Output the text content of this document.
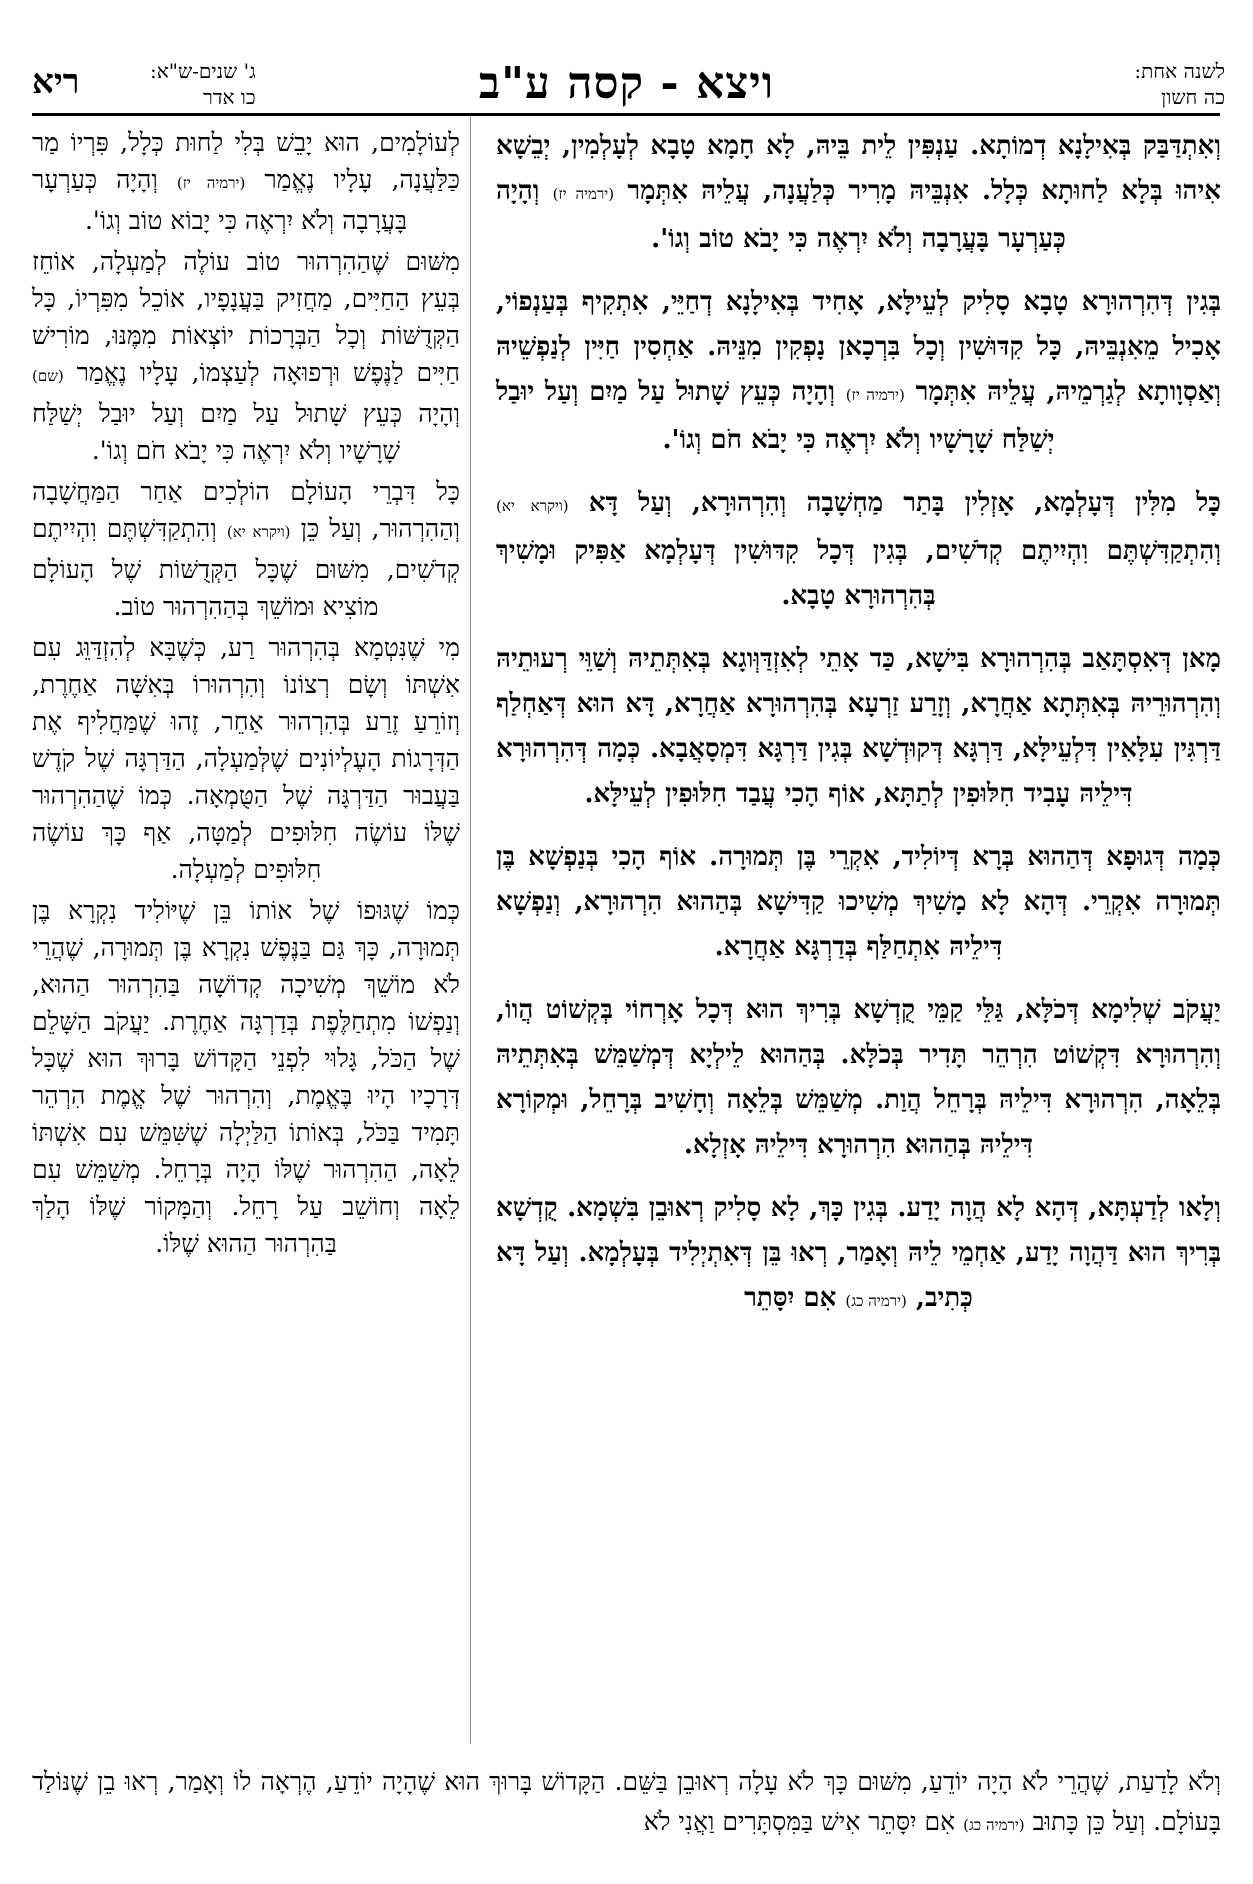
לשנה אחת:
כה חשון
ויצא - קסה ע"ב
ג' שנים-ש"א:
כו אדר
ריא

וְאִתְדַּבַּק בְּאִילָנָא דְמוֹתָא. עַנְפִּין לֵית בֵּיהּ, לָא חָמָא טָבָא לְעָלְמִין, יְבֵשָׁא אִיהוּ בְּלָא לַחוּתָא כְּלָל. אִנְבֵּיהּ מָרִיר כְּלַעֲנָה, עֲלֵיהּ אִתְּמָר (ירמיה יז) וְהָיָה כְּעַרְעָר בָּעֲרָבָה וְלֹא יִרְאֶה כִּי יָבֹא טוֹב וְגוֹ'.

בְּגִין דְּהִרְהוּרָא טָבָא סָלִיק לְעֵילָּא, אָחִיד בְּאִילָנָא דְחַיֵּי, אִתְקִיף בְּעַנְפוֹי, אָכִיל מֵאִנְבֵּיהּ, כָּל קִדּוּשִׁין וְכָל בִּרְכָאן נָפְקִין מִנֵּיהּ. אַחְסִין חַיִּין לְנַפְשֵׁיהּ וְאַסְוָותָא לְגַרְמֵיהּ, עֲלֵיהּ אִתְּמָר (ירמיה יז) וְהָיָה כְּעֵץ שָׁתוּל עַל מַיִם וְעַל יוּבַל יְשַׁלַּח שָׁרָשָׁיו וְלֹא יִרְאֶה כִּי יָבֹא חֹם וְגוֹ'.

כָּל מִלִּין דְּעָלְמָא, אָזְלִין בָּתַר מַחְשָׁבָה וְהִרְהוּרָא, וְעַל דָּא (ויקרא יא) וְהִתְקַדִּשְׁתֶּם וִהְיִיתֶם קְדֹשִׁים, בְּגִין דְּכָל קִדּוּשִׁין דְּעָלְמָא אַפִּיק וּמָשִׁיךְ בְּהִרְהוּרָא טָבָא.

מָאן דְּאִסְתָּאַב בְּהִרְהוּרָא בִּישָׁא, כַּד אָתֵי לְאִזְדַּוְּוגָא בְּאִתְּתֵיהּ וְשַׁוֵּי רְעוּתֵיהּ וְהִרְהוּרֵיהּ בְּאִתְּתָא אַחֲרָא, וְזָרַע זַרְעָא בְּהִרְהוּרָא אַחֲרָא, דָּא הוּא דְּאַחְלַף דַּרְגִּין עִלָּאִין דִּלְעֵילָּא, דַּרְגָּא דְּקוּדְשָׁא בְּגִין דַּרְגָּא דִּמְסָאֲבָא. כְּמָה דְּהִרְהוּרָא דִּילֵיהּ עָבִיד חִלּוּפִין לְתַתָּא, אוֹף הָכִי עֲבַד חִלּוּפִין לְעֵילָּא.

כְּמָה דְּגוּפָא דְּהַהוּא בְּרָא דְּיוֹלִיד, אִקְרֵי בֶּן תְּמוּרָה. אוֹף הָכִי בְּנַפְשָׁא בֶּן תְּמוּרָה אִקְרֵי. דְּהָא לָא מָשִׁיךְ מְשִׁיכוּ קַדִּישָׁא בְּהַהוּא הִרְהוּרָא, וְנַפְשָׁא דִּילֵיהּ אִתְחַלַּף בְּדַרְגָּא אַחֲרָא.

יַעֲקֹב שְׁלִימָא דְּכֹלָּא, גַּלֵּי קַמֵּי קֻדְשָׁא בְּרִיךְ הוּא דְּכָל אָרְחוֹי בְּקְשׁוֹט הֲווֹ, וְהִרְהוּרָא דִּקְשׁוֹט הִרְהֵר תָּדִיר בְּכֹלָּא. בְּהַהוּא לֵילְיָא דְּמְשַׁמֵּשׁ בְּאִתְּתֵיהּ בְּלֵאָה, הִרְהוּרָא דִּילֵיהּ בְּרָחֵל הֲוַת. מְשַׁמֵּשׁ בְּלֵאָה וְחָשִׁיב בְּרָחֵל, וּמְקוֹרָא דִּילֵיהּ בְּהַהוּא הִרְהוּרָא דִּילֵיהּ אָזְלָא.

וְלָאו לְדַעְתָּא, דְּהָא לָא הֲוָה יָדַע. בְּגִין כָּךְ, לָא סָלִיק רְאוּבֵן בִּשְׁמָא. קֻדְשָׁא בְּרִיךְ הוּא דַּהֲוָה יָדַע, אַחְמֵי לֵיהּ וְאָמַר, רְאוּ בֵּן דְּאִתְיְלִיד בְּעָלְמָא. וְעַל דָּא כְּתִיב, (ירמיה כג) אִם יִסָּתֵר

לְעוֹלָמִים, הוּא יָבֵשׁ בְּלִי לַחוּת כְּלָל, פִּרְיוֹ מַר כַּלַּעֲנָה, עָלָיו נֶאֱמַר (ירמיה יז) וְהָיָה כְּעַרְעָר בָּעֲרָבָה וְלֹא יִרְאֶה כִּי יָבוֹא טוֹב וְגוֹ'.

מִשּׁוּם שֶׁהַהִרְהוּר טוֹב עוֹלֶה לְמַעְלָה, אוֹחֵז בְּעֵץ הַחַיִּים, מַחֲזִיק בַּעֲנָפָיו, אוֹכֵל מִפִּרְיוֹ, כָּל הַקְּדֻשּׁוֹת וְכָל הַבְּרָכוֹת יוֹצְאוֹת מִמֶּנּוּ, מוֹרִישׁ חַיִּים לַנֶּפֶשׁ וּרְפוּאָה לְעַצְמוֹ, עָלָיו נֶאֱמַר (שם) וְהָיָה כְּעֵץ שָׁתוּל עַל מַיִם וְעַל יוּבַל יְשַׁלַּח שָׁרָשָׁיו וְלֹא יִרְאֶה כִּי יָבֹא חֹם וְגוֹ'.

כָּל דִּבְרֵי הָעוֹלָם הוֹלְכִים אַחַר הַמַּחֲשָׁבָה וְהַהִרְהוּר, וְעַל כֵּן (ויקרא יא) וְהִתְקַדִּשְׁתֶּם וִהְיִיתֶם קְדֹשִׁים, מִשּׁוּם שֶׁכָּל הַקְּדֻשּׁוֹת שֶׁל הָעוֹלָם מוֹצִיא וּמוֹשֵׁךְ בְּהַהִרְהוּר טוֹב.

מִי שֶׁנִּטְמָא בְּהִרְהוּר רַע, כְּשֶׁבָּא לְהִזְדַּוֵּג עִם אִשְׁתּוֹ וְשָׂם רְצוֹנוֹ וְהִרְהוּרוֹ בְּאִשָּׁה אַחֶרֶת, וְזוֹרֵעַ זֶרַע בְּהִרְהוּר אַחֵר, זֶהוּ שֶׁמַּחֲלִיף אֶת הַדְּרָגוֹת הָעֶלְיוֹנִים שֶׁלְּמַעְלָה, הַדַּרְגָּה שֶׁל קֹדֶשׁ בַּעֲבוּר הַדַּרְגָּה שֶׁל הַטֻּמְאָה. כְּמוֹ שֶׁהַהִרְהוּר שֶׁלּוֹ עוֹשֶׂה חִלּוּפִים לְמַטָּה, אַף כָּךְ עוֹשֶׂה חִלּוּפִים לְמַעְלָה.

כְּמוֹ שֶׁגּוּפוֹ שֶׁל אוֹתוֹ בֵּן שֶׁיּוֹלִיד נִקְרָא בֶּן תְּמוּרָה, כָּךְ גַּם בַּנֶּפֶשׁ נִקְרָא בֶּן תְּמוּרָה, שֶׁהֲרֵי לֹא מוֹשֵׁךְ מְשִׁיכָה קְדוֹשָׁה בַּהִרְהוּר הַהוּא, וְנַפְשׁוֹ מִתְחַלֶּפֶת בְּדַרְגָּה אַחֶרֶת. יַעֲקֹב הַשָּׁלֵם שֶׁל הַכֹּל, גָּלוּי לִפְנֵי הַקָּדוֹשׁ בָּרוּךְ הוּא שֶׁכָּל דְּרָכָיו הָיוּ בֶּאֱמֶת, וְהִרְהוּר שֶׁל אֱמֶת הִרְהֵר תָּמִיד בַּכֹּל, בְּאוֹתוֹ הַלַּיְלָה שֶׁשִּׁמֵּשׁ עִם אִשְׁתּוֹ לֵאָה, הַהִרְהוּר שֶׁלּוֹ הָיָה בְּרָחֵל. מְשַׁמֵּשׁ עִם לֵאָה וְחוֹשֵׁב עַל רָחֵל. וְהַמָּקוֹר שֶׁלּוֹ הָלַךְ בַּהִרְהוּר הַהוּא שֶׁלּוֹ.

וְלֹא לָדַעַת, שֶׁהֲרֵי לֹא הָיָה יוֹדֵעַ, מִשּׁוּם כָּךְ לֹא עָלָה רְאוּבֵן בַּשֵּׁם. הַקָּדוֹשׁ בָּרוּךְ הוּא שֶׁהָיָה יוֹדֵעַ, הֶרְאָה לוֹ וְאָמַר, רְאוּ בֵן שֶׁנּוֹלַד בָּעוֹלָם. וְעַל כֵּן כָּתוּב (ירמיה כג) אִם יִסָּתֵר אִישׁ בַּמִּסְתָּרִים וַאֲנִי לֹא
